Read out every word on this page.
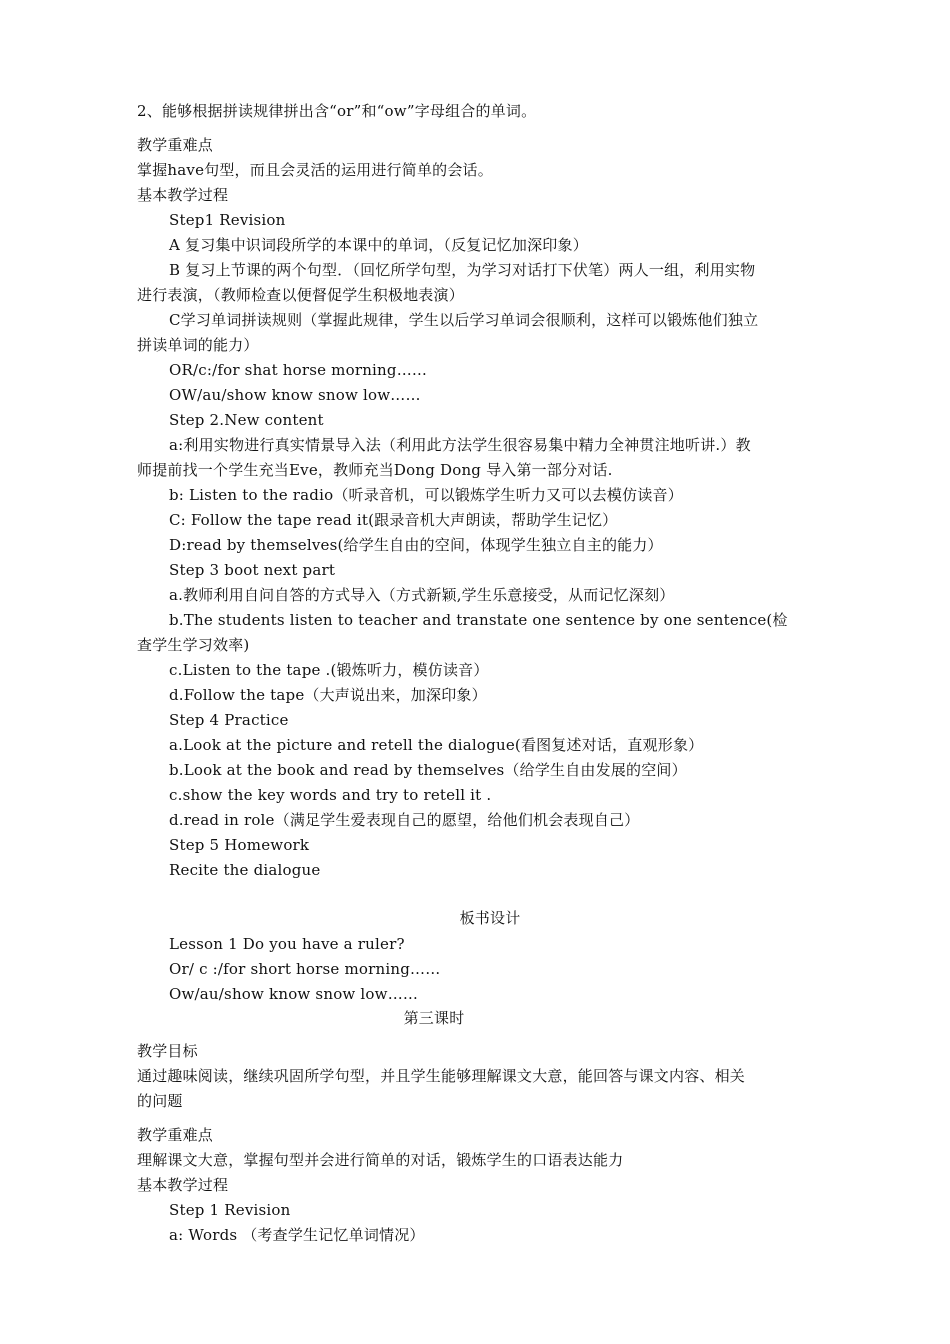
2、能够根据拼读规律拼出含“or”和“ow”字母组合的单词。
教学重难点
掌握have句型，而且会灵活的运用进行简单的会话。
基本教学过程
Step1 Revision
A 复习集中识词段所学的本课中的单词，（反复记忆加深印象）
B 复习上节课的两个句型．（回忆所学句型，为学习对话打下伏笔）两人一组，利用实物
进行表演，（教师检查以便督促学生积极地表演）
C学习单词拼读规则（掌握此规律，学生以后学习单词会很顺利，这样可以锻炼他们独立
拼读单词的能力）
OR/c:/for shat horse morning……
OW/au/show know snow low……
Step 2.New content
a:利用实物进行真实情景导入法（利用此方法学生很容易集中精力全神贯注地听讲.）教
师提前找一个学生充当Eve，教师充当Dong Dong 导入第一部分对话.
b: Listen to the radio（听录音机，可以锻炼学生听力又可以去模仿读音）
C: Follow the tape read it(跟录音机大声朗读，帮助学生记忆）
D:read by themselves(给学生自由的空间，体现学生独立自主的能力）
Step 3 boot next part
a.教师利用自问自答的方式导入（方式新颖,学生乐意接受，从而记忆深刻）
b.The students listen to teacher and transtate one sentence by one sentence(检
查学生学习效率)
c.Listen to the tape .(锻炼听力，模仿读音）
d.Follow the tape（大声说出来，加深印象）
Step 4 Practice
a.Look at the picture and retell the dialogue(看图复述对话，直观形象）
b.Look at the book and read by themselves（给学生自由发展的空间）
c.show the key words and try to retell it .
d.read in role（满足学生爱表现自己的愿望，给他们机会表现自己）
Step 5 Homework
Recite the dialogue
板书设计
Lesson 1 Do you have a ruler?
Or/ c :/for short horse morning……
Ow/au/show know snow low……
第三课时
教学目标
通过趣味阅读，继续巩固所学句型，并且学生能够理解课文大意，能回答与课文内容、相关
的问题
教学重难点
理解课文大意，掌握句型并会进行简单的对话，锻炼学生的口语表达能力
基本教学过程
Step 1 Revision
a: Words （考查学生记忆单词情况）
